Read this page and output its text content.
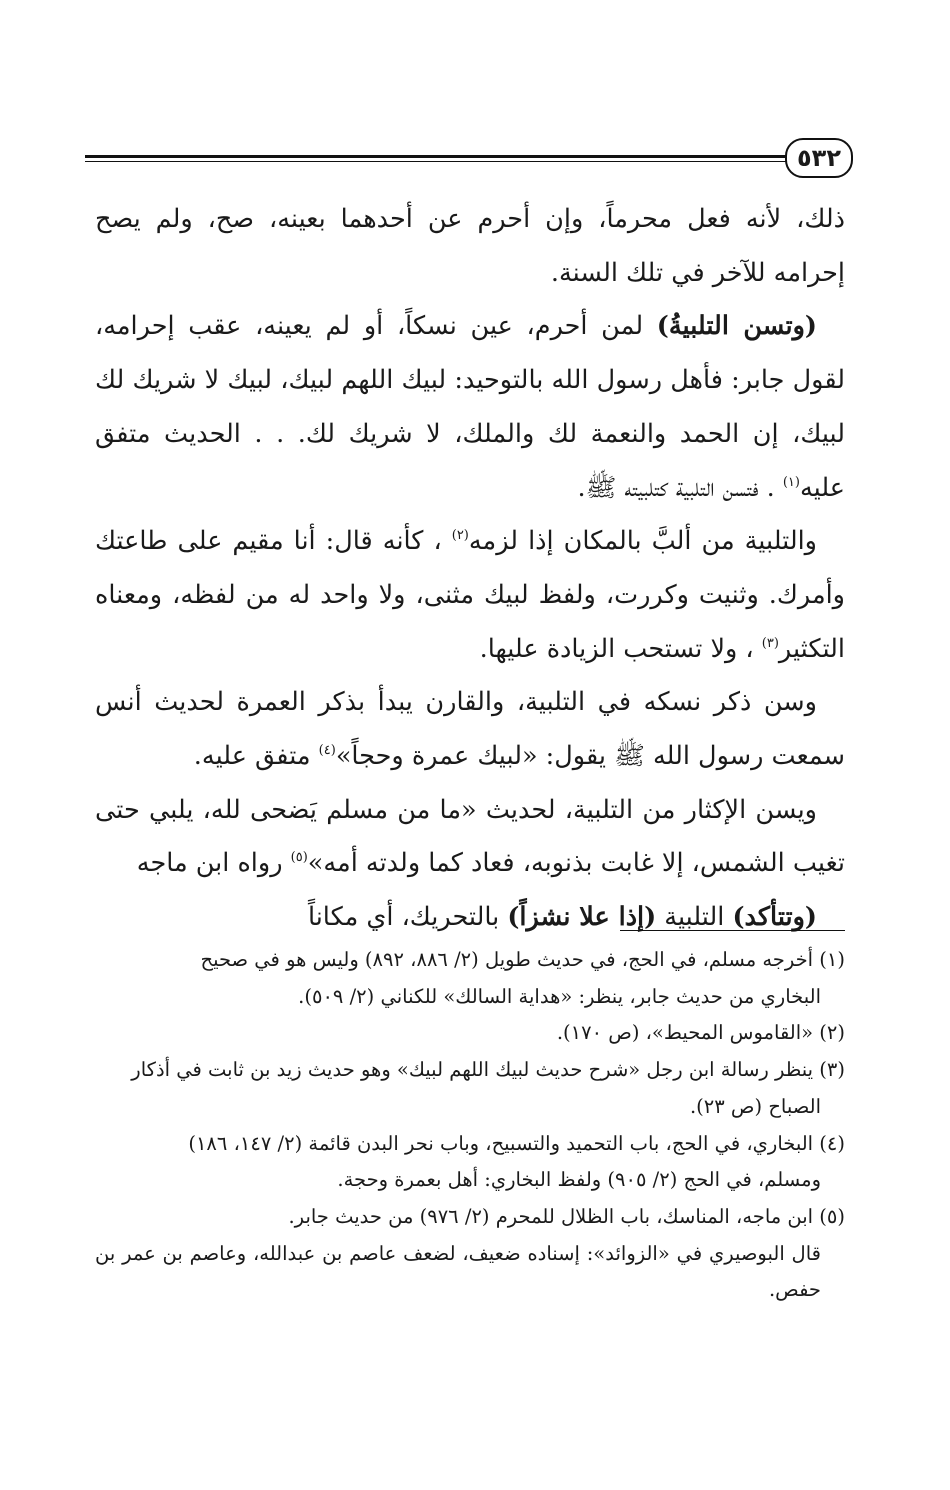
٥٣٢

ذلك، لأنه فعل محرماً، وإن أحرم عن أحدهما بعينه، صح، ولم يصح إحرامه للآخر في تلك السنة.

(وتسن التلبيةُ) لمن أحرم، عين نسكاً، أو لم يعينه، عقب إحرامه، لقول جابر: فأهل رسول الله بالتوحيد: لبيك اللهم لبيك، لبيك لا شريك لك لبيك، إن الحمد والنعمة لك والملك، لا شريك لك. . . الحديث متفق عليه$^{(١)}$ . فتسن التلبية كتلبيته ﷺ.

والتلبية من ألبَّ بالمكان إذا لزمه$^{(٢)}$ ، كأنه قال: أنا مقيم على طاعتك وأمرك. وثنيت وكررت، ولفظ لبيك مثنى، ولا واحد له من لفظه، ومعناه التكثير$^{(٣)}$ ، ولا تستحب الزيادة عليها.

وسن ذكر نسكه في التلبية، والقارن يبدأ بذكر العمرة لحديث أنس سمعت رسول الله ﷺ يقول: «لبيك عمرة وحجاً»$^{(٤)}$ متفق عليه.

ويسن الإكثار من التلبية، لحديث «ما من مسلم يَضحى لله، يلبي حتى تغيب الشمس، إلا غابت بذنوبه، فعاد كما ولدته أمه»$^{(٥)}$ رواه ابن ماجه

(وتتأكد) التلبية (إذا علا نشزاً) بالتحريك، أي مكاناً

(١) أخرجه مسلم، في الحج، في حديث طويل (٢/ ٨٨٦، ٨٩٢) وليس هو في صحيح

البخاري من حديث جابر، ينظر: «هداية السالك» للكناني (٢/ ٥٠٩).

(٢) «القاموس المحيط»، (ص ١٧٠).

(٣) ينظر رسالة ابن رجل «شرح حديث لبيك اللهم لبيك» وهو حديث زيد بن ثابت في أذكار

الصباح (ص ٢٣).

(٤) البخاري، في الحج، باب التحميد والتسبيح، وباب نحر البدن قائمة (٢/ ١٤٧، ١٨٦)

ومسلم، في الحج (٢/ ٩٠٥) ولفظ البخاري: أهل بعمرة وحجة.

(٥) ابن ماجه، المناسك، باب الظلال للمحرم (٢/ ٩٧٦) من حديث جابر.

قال البوصيري في «الزوائد»: إسناده ضعيف، لضعف عاصم بن عبدالله، وعاصم بن عمر بن حفص.
